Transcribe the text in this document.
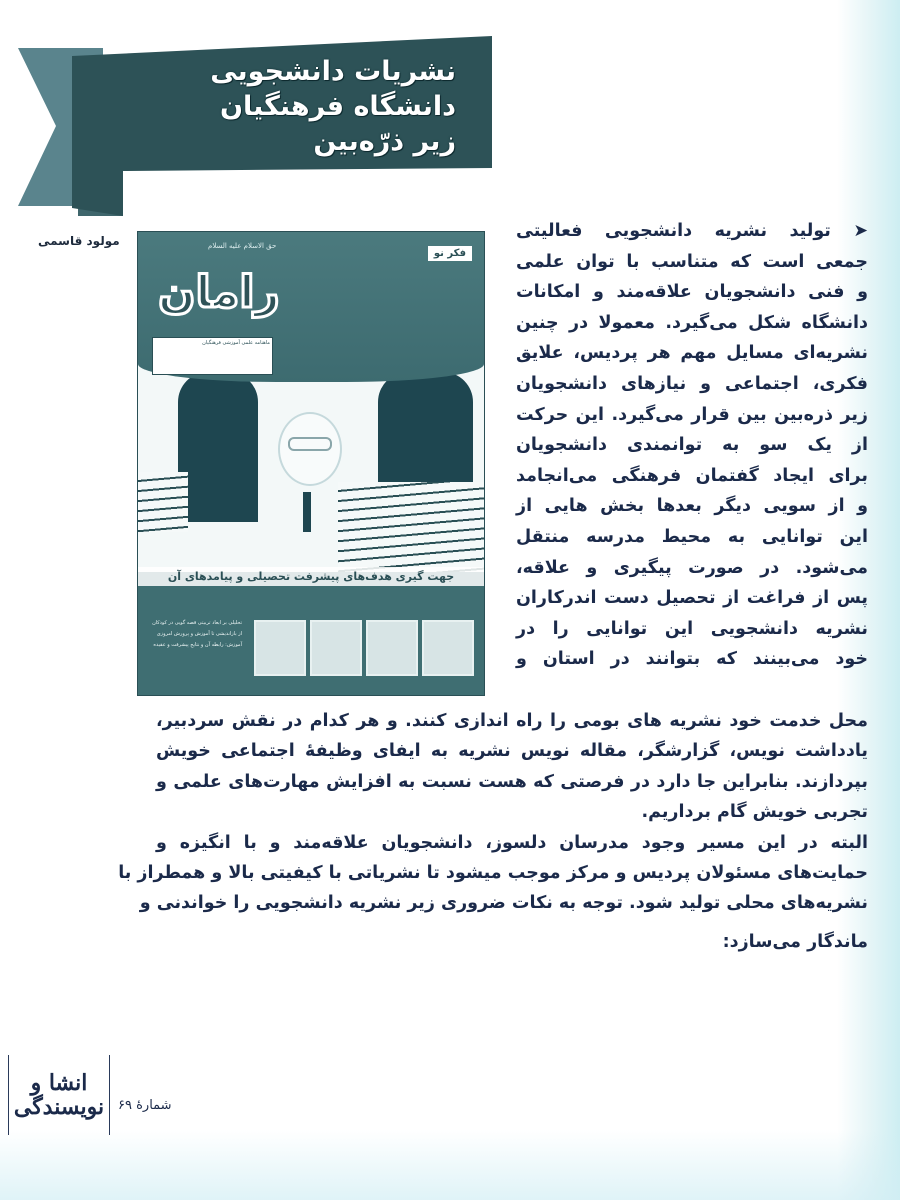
نشریات دانشجویی
دانشگاه فرهنگیان
زیر ذرّه‌بین
مولود قاسمی	حق الاسلام علیه السلام
فکر نو
رامان
ماهنامه علمی آموزشی فرهنگیان
جهت گیری هدف‌های پیشرفت تحصیلی و پیامدهای آن
تحلیلی بر ابعاد تربیتی قصه گویی در کودکان
از بازاندیشی تا آموزش و پرورش امروزی
آموزش: رابطه آن و نتایج پیشرفت و عقیده
➤ تولید نشریه دانشجویی فعالیتی
جمعی است که متناسب با توان علمی
و فنی دانشجویان علاقه‌مند و امکانات
دانشگاه شکل می‌گیرد. معمولا در چنین
نشریه‌ای مسایل مهم هر پردیس، علایق
فکری، اجتماعی و نیازهای دانشجویان
زیر ذره‌بین بین قرار می‌گیرد. این حرکت
از یک سو به توانمندی دانشجویان
برای ایجاد گفتمان فرهنگی می‌انجامد
و از سویی دیگر بعدها بخش هایی از
این توانایی به محیط مدرسه منتقل
می‌شود. در صورت پیگیری و علاقه،
پس از فراغت از تحصیل دست اندرکاران
نشریه دانشجویی این توانایی را در
خود می‌بینند که بتوانند در استان و
محل خدمت خود نشریه های بومی را راه اندازی کنند. و هر کدام در نقش سردبیر،
یادداشت نویس، گزارشگر، مقاله نویس نشریه به ایفای وظیفهٔ اجتماعی خویش
بپردازند. بنابراین جا دارد در فرصتی که هست نسبت به افزایش مهارت‌های علمی و
تجربی خویش گام برداریم.
البته در این مسیر وجود مدرسان دلسوز، دانشجویان علاقه‌مند و با انگیزه و
حمایت‌های مسئولان پردیس و مرکز موجب میشود تا نشریاتی با کیفیتی بالا و همطراز با
نشریه‌های محلی تولید شود. توجه به نکات ضروری زیر نشریه دانشجویی را خواندنی و
ماندگار می‌سازد:
انشا و نویسندگی	شمارهٔ ۶۹
